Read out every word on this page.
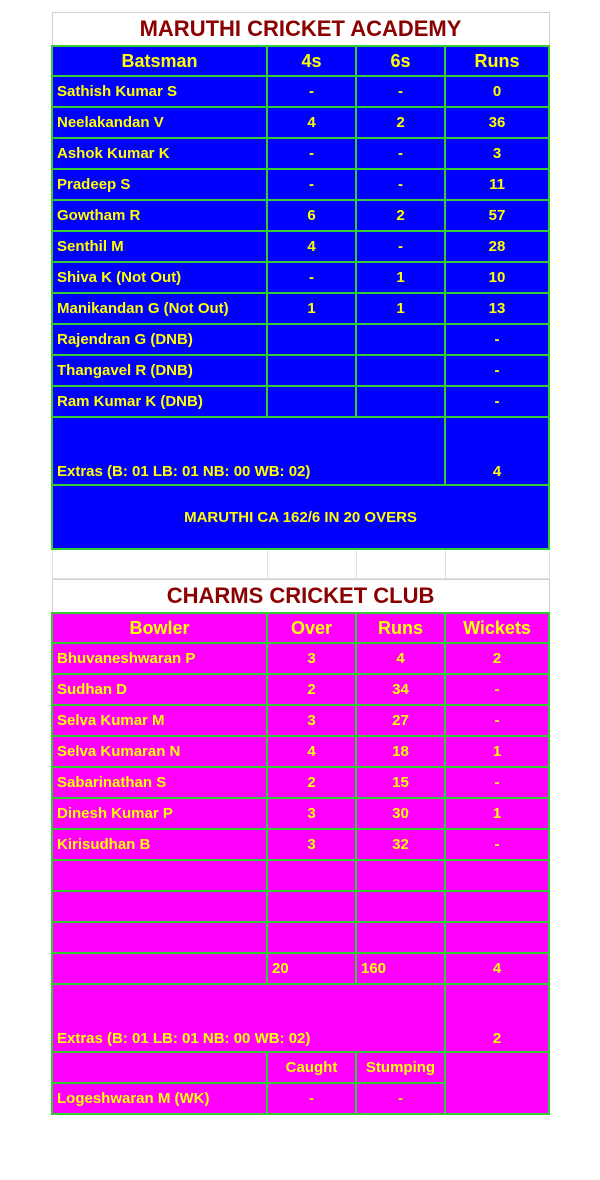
MARUTHI CRICKET ACADEMY			
Batsman	4s	6s	Runs
Sathish Kumar S	-	-	0
Neelakandan V	4	2	36
Ashok Kumar K	-	-	3
Pradeep S	-	-	11
Gowtham R	6	2	57
Senthil M	4	-	28
Shiva K (Not Out)	-	1	10
Manikandan G (Not Out)	1	1	13
Rajendran G (DNB)			-
Thangavel R (DNB)			-
Ram Kumar K (DNB)			-
Extras (B: 01 LB: 01 NB: 00 WB: 02)			4
MARUTHI CA 162/6 IN 20 OVERS			

CHARMS CRICKET CLUB			
Bowler	Over	Runs	Wickets
Bhuvaneshwaran P	3	4	2
Sudhan D	2	34	-
Selva Kumar M	3	27	-
Selva Kumaran N	4	18	1
Sabarinathan S	2	15	-
Dinesh Kumar P	3	30	1
Kirisudhan B	3	32	-

	20	160	4
Extras (B: 01 LB: 01 NB: 00 WB: 02)			2
	Caught	Stumping	
Logeshwaran M (WK)	-	-	
